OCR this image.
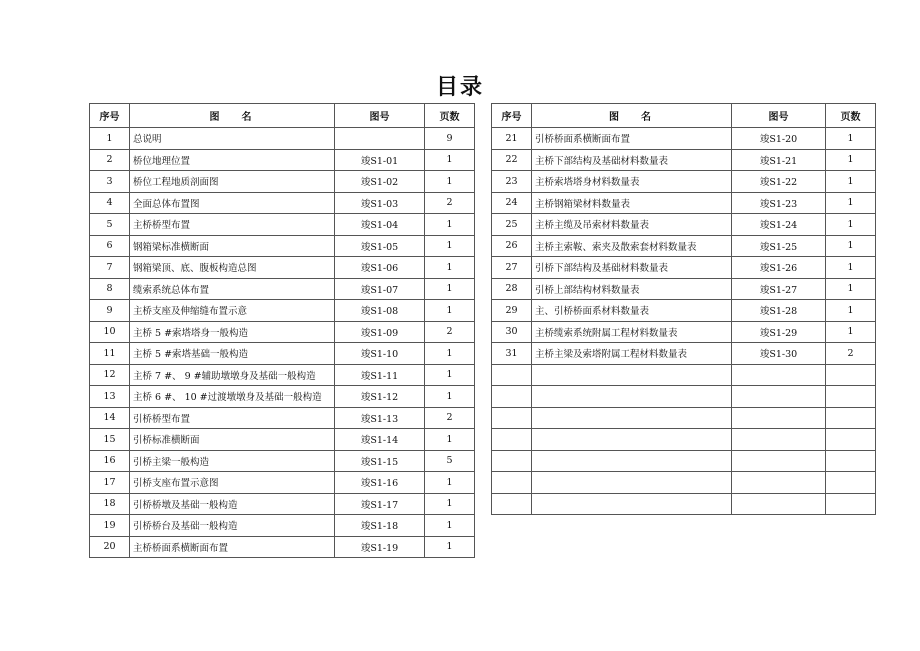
目录
序号	图名	图号	页数
1	总说明		9
2	桥位地理位置	竣S1-01	1
3	桥位工程地质剖面图	竣S1-02	1
4	全面总体布置图	竣S1-03	2
5	主桥桥型布置	竣S1-04	1
6	钢箱梁标准横断面	竣S1-05	1
7	钢箱梁顶、底、腹板构造总图	竣S1-06	1
8	缆索系统总体布置	竣S1-07	1
9	主桥支座及伸缩缝布置示意	竣S1-08	1
10	主桥 5 #索塔塔身一般构造	竣S1-09	2
11	主桥 5 #索塔基础一般构造	竣S1-10	1
12	主桥 7 #、 9 #辅助墩墩身及基础一般构造	竣S1-11	1
13	主桥 6 #、 10 #过渡墩墩身及基础一般构造	竣S1-12	1
14	引桥桥型布置	竣S1-13	2
15	引桥标准横断面	竣S1-14	1
16	引桥主梁一般构造	竣S1-15	5
17	引桥支座布置示意图	竣S1-16	1
18	引桥桥墩及基础一般构造	竣S1-17	1
19	引桥桥台及基础一般构造	竣S1-18	1
20	主桥桥面系横断面布置	竣S1-19	1
序号	图名	图号	页数
21	引桥桥面系横断面布置	竣S1-20	1
22	主桥下部结构及基础材料数量表	竣S1-21	1
23	主桥索塔塔身材料数量表	竣S1-22	1
24	主桥钢箱梁材料数量表	竣S1-23	1
25	主桥主缆及吊索材料数量表	竣S1-24	1
26	主桥主索鞍、索夹及散索套材料数量表	竣S1-25	1
27	引桥下部结构及基础材料数量表	竣S1-26	1
28	引桥上部结构材料数量表	竣S1-27	1
29	主、引桥桥面系材料数量表	竣S1-28	1
30	主桥缆索系统附属工程材料数量表	竣S1-29	1
31	主桥主梁及索塔附属工程材料数量表	竣S1-30	2
